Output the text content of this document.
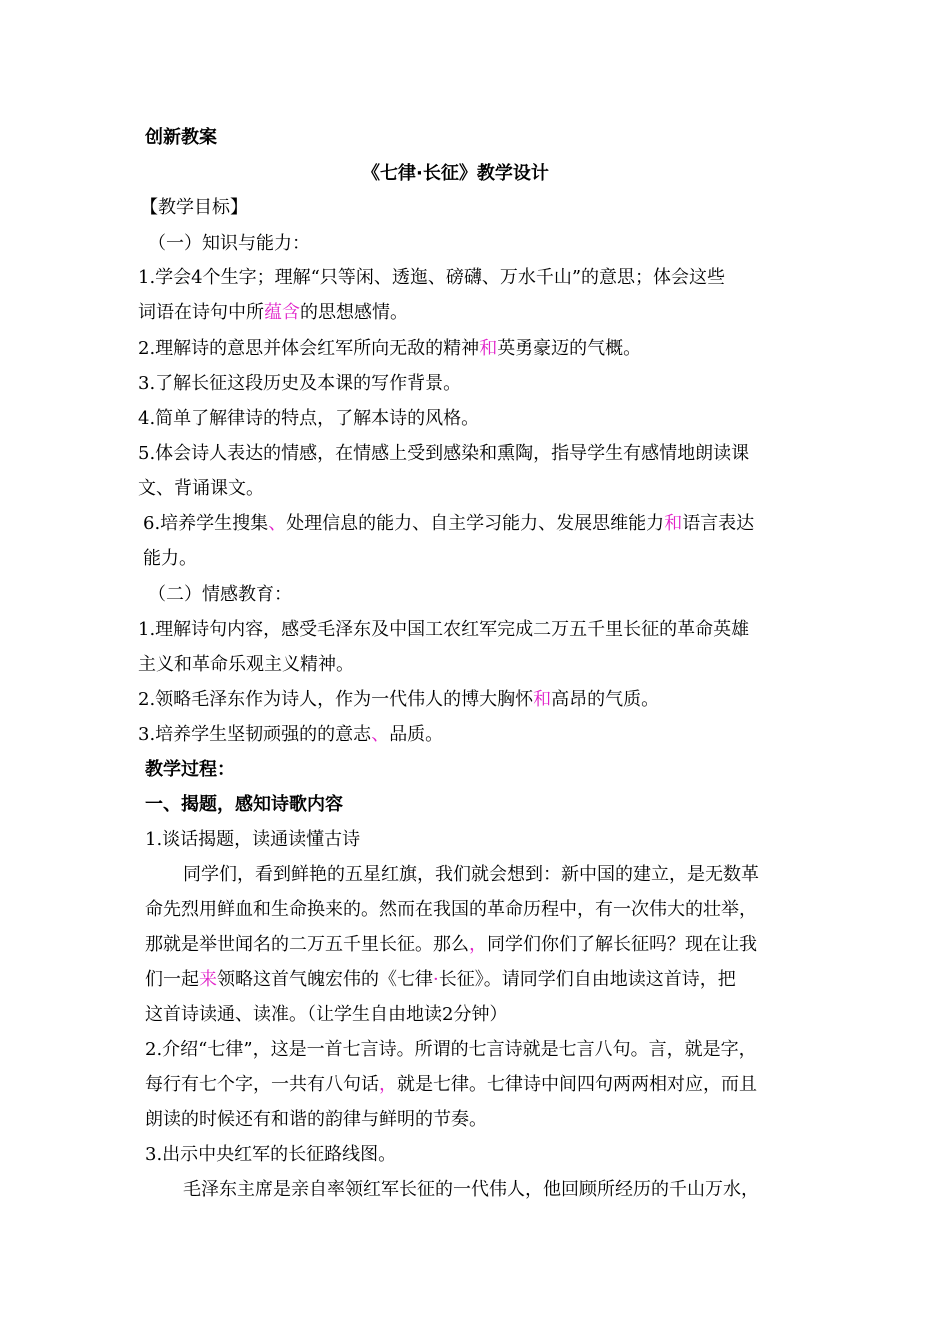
创新教案
《七律·长征》教学设计
【教学目标】
（一）知识与能力：
1.学会4个生字；理解“只等闲、透迤、磅礴、万水千山”的意思；体会这些
词语在诗句中所蕴含的思想感情。
2.理解诗的意思并体会红军所向无敌的精神和英勇豪迈的气概。
3.了解长征这段历史及本课的写作背景。
4.简单了解律诗的特点，了解本诗的风格。
5.体会诗人表达的情感，在情感上受到感染和熏陶，指导学生有感情地朗读课
文、背诵课文。
6.培养学生搜集、处理信息的能力、自主学习能力、发展思维能力和语言表达
能力。
（二）情感教育：
1.理解诗句内容，感受毛泽东及中国工农红军完成二万五千里长征的革命英雄
主义和革命乐观主义精神。
2.领略毛泽东作为诗人，作为一代伟人的博大胸怀和高昂的气质。
3.培养学生坚韧顽强的的意志、品质。
教学过程：
一、揭题，感知诗歌内容
1.谈话揭题，读通读懂古诗
同学们，看到鲜艳的五星红旗，我们就会想到：新中国的建立，是无数革
命先烈用鲜血和生命换来的。然而在我国的革命历程中，有一次伟大的壮举，
那就是举世闻名的二万五千里长征。那么，同学们你们了解长征吗？现在让我
们一起来领略这首气魄宏伟的《七律·长征》。请同学们自由地读这首诗，把
这首诗读通、读准。（让学生自由地读2分钟）
2.介绍“七律”，这是一首七言诗。所谓的七言诗就是七言八句。言，就是字，
每行有七个字，一共有八句话，就是七律。七律诗中间四句两两相对应，而且
朗读的时候还有和谐的韵律与鲜明的节奏。
3.出示中央红军的长征路线图。
毛泽东主席是亲自率领红军长征的一代伟人，他回顾所经历的千山万水，
